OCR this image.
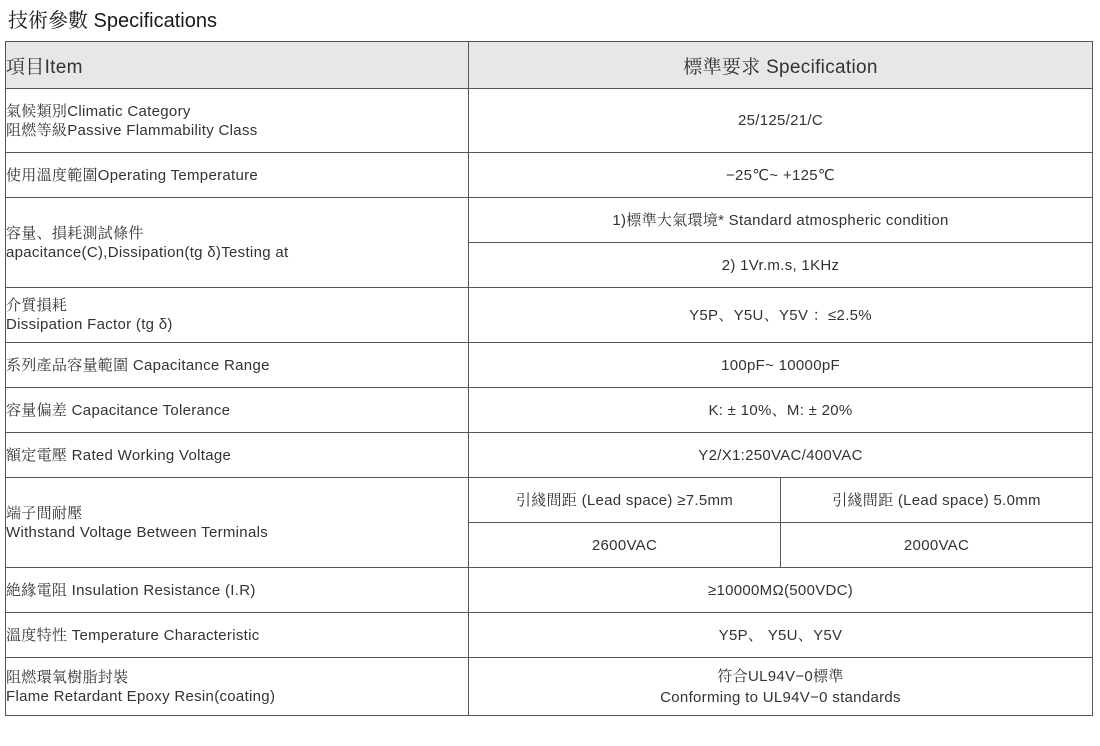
技術參數 Specifications
項目Item	標準要求 Specification	

氣候類別Climatic Category
阻燃等級Passive Flammability Class	25/125/21/C	

使用溫度範圍Operating Temperature	−25℃~ +125℃	

容量、損耗測試條件
apacitance(C),Dissipation(tg δ)Testing at	1)標準大氣環境* Standard atmospheric condition	
	2) 1Vr.m.s, 1KHz	

介質損耗
Dissipation Factor (tg δ)	Y5P、Y5U、Y5V ：≤2.5%	

系列產品容量範圍 Capacitance Range	100pF~ 10000pF	

容量偏差 Capacitance Tolerance	K: ± 10%、M: ± 20%	

額定電壓 Rated Working Voltage	Y2/X1:250VAC/400VAC	

端子間耐壓
Withstand Voltage Between Terminals	引綫間距 (Lead space) ≥7.5mm	引綫間距 (Lead space) 5.0mm
	2600VAC	2000VAC

絶緣電阻 Insulation Resistance (I.R)	≥10000MΩ(500VDC)	

溫度特性 Temperature Characteristic	Y5P、 Y5U、Y5V	

阻燃環氧樹脂封裝
Flame Retardant Epoxy Resin(coating)	符合UL94V−0標準
Conforming to UL94V−0 standards	
